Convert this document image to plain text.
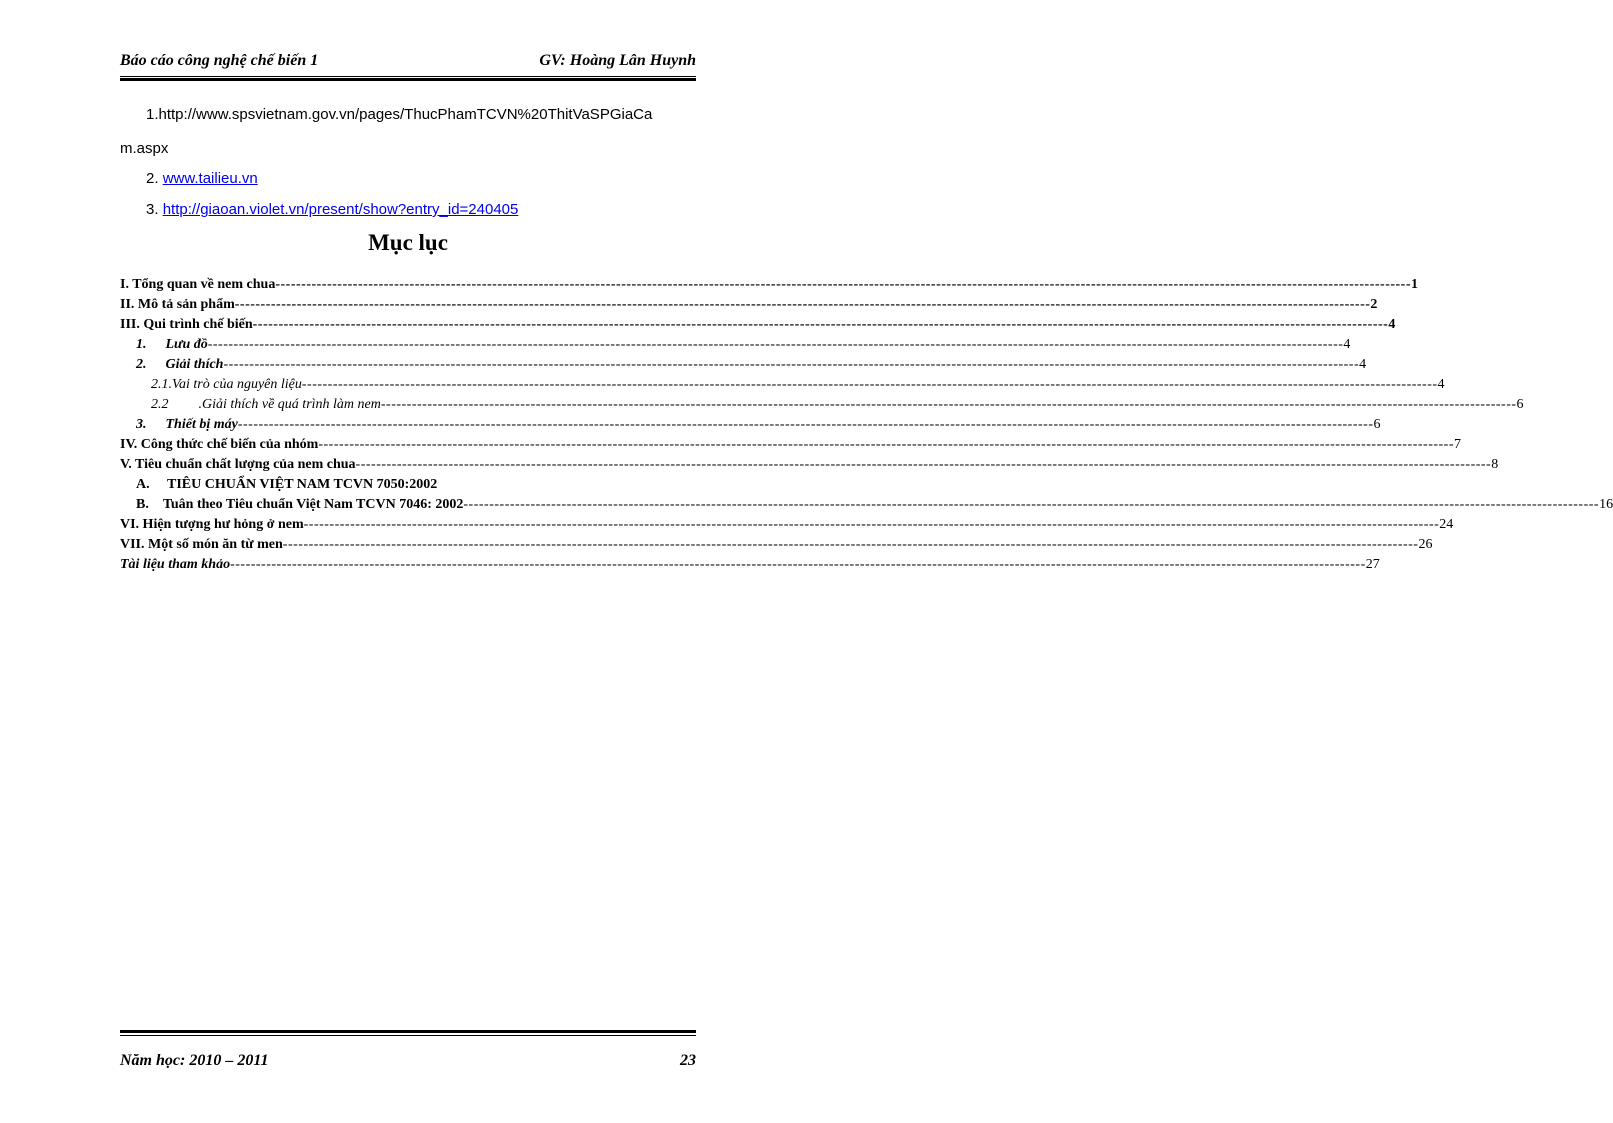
Báo cáo công nghệ chế biến 1	GV: Hoàng Lân Huynh
1.http://www.spsvietnam.gov.vn/pages/ThucPhamTCVN%20ThitVaSPGiaCa
m.aspx
2. www.tailieu.vn
3. http://giaoan.violet.vn/present/show?entry_id=240405
Mục lục
I. Tổng quan về nem chua ---------------------------------------------------------------------------------------------------------------------------------------------------------------------------------------------------------------------------- 1
II. Mô tả sản phẩm ---------------------------------------------------------------------------------------------------------------------------------------------------------------------------------------------------------------------------- 2
III. Qui trình chế biến ---------------------------------------------------------------------------------------------------------------------------------------------------------------------------------------------------------------------------- 4
1. Lưu đồ ---------------------------------------------------------------------------------------------------------------------------------------------------------------------------------------------------------------------------- 4
2. Giải thích ---------------------------------------------------------------------------------------------------------------------------------------------------------------------------------------------------------------------------- 4
2.1.Vai trò của nguyên liệu ---------------------------------------------------------------------------------------------------------------------------------------------------------------------------------------------------------------------------- 4
2.2 .Giải thích về quá trình làm nem ---------------------------------------------------------------------------------------------------------------------------------------------------------------------------------------------------------------------------- 6
3. Thiết bị máy ---------------------------------------------------------------------------------------------------------------------------------------------------------------------------------------------------------------------------- 6
IV. Công thức chế biến của nhóm ---------------------------------------------------------------------------------------------------------------------------------------------------------------------------------------------------------------------------- 7
V. Tiêu chuẩn chất lượng của nem chua ---------------------------------------------------------------------------------------------------------------------------------------------------------------------------------------------------------------------------- 8
A. TIÊU CHUẨN VIỆT NAM TCVN 7050:2002
B. Tuân theo Tiêu chuẩn Việt Nam TCVN 7046: 2002 ---------------------------------------------------------------------------------------------------------------------------------------------------------------------------------------------------------------------------- 16
VI. Hiện tượng hư hỏng ở nem ---------------------------------------------------------------------------------------------------------------------------------------------------------------------------------------------------------------------------- 24
VII. Một số món ăn từ men ---------------------------------------------------------------------------------------------------------------------------------------------------------------------------------------------------------------------------- 26
Tài liệu tham khảo ---------------------------------------------------------------------------------------------------------------------------------------------------------------------------------------------------------------------------- 27
Năm học: 2010 – 2011	23
